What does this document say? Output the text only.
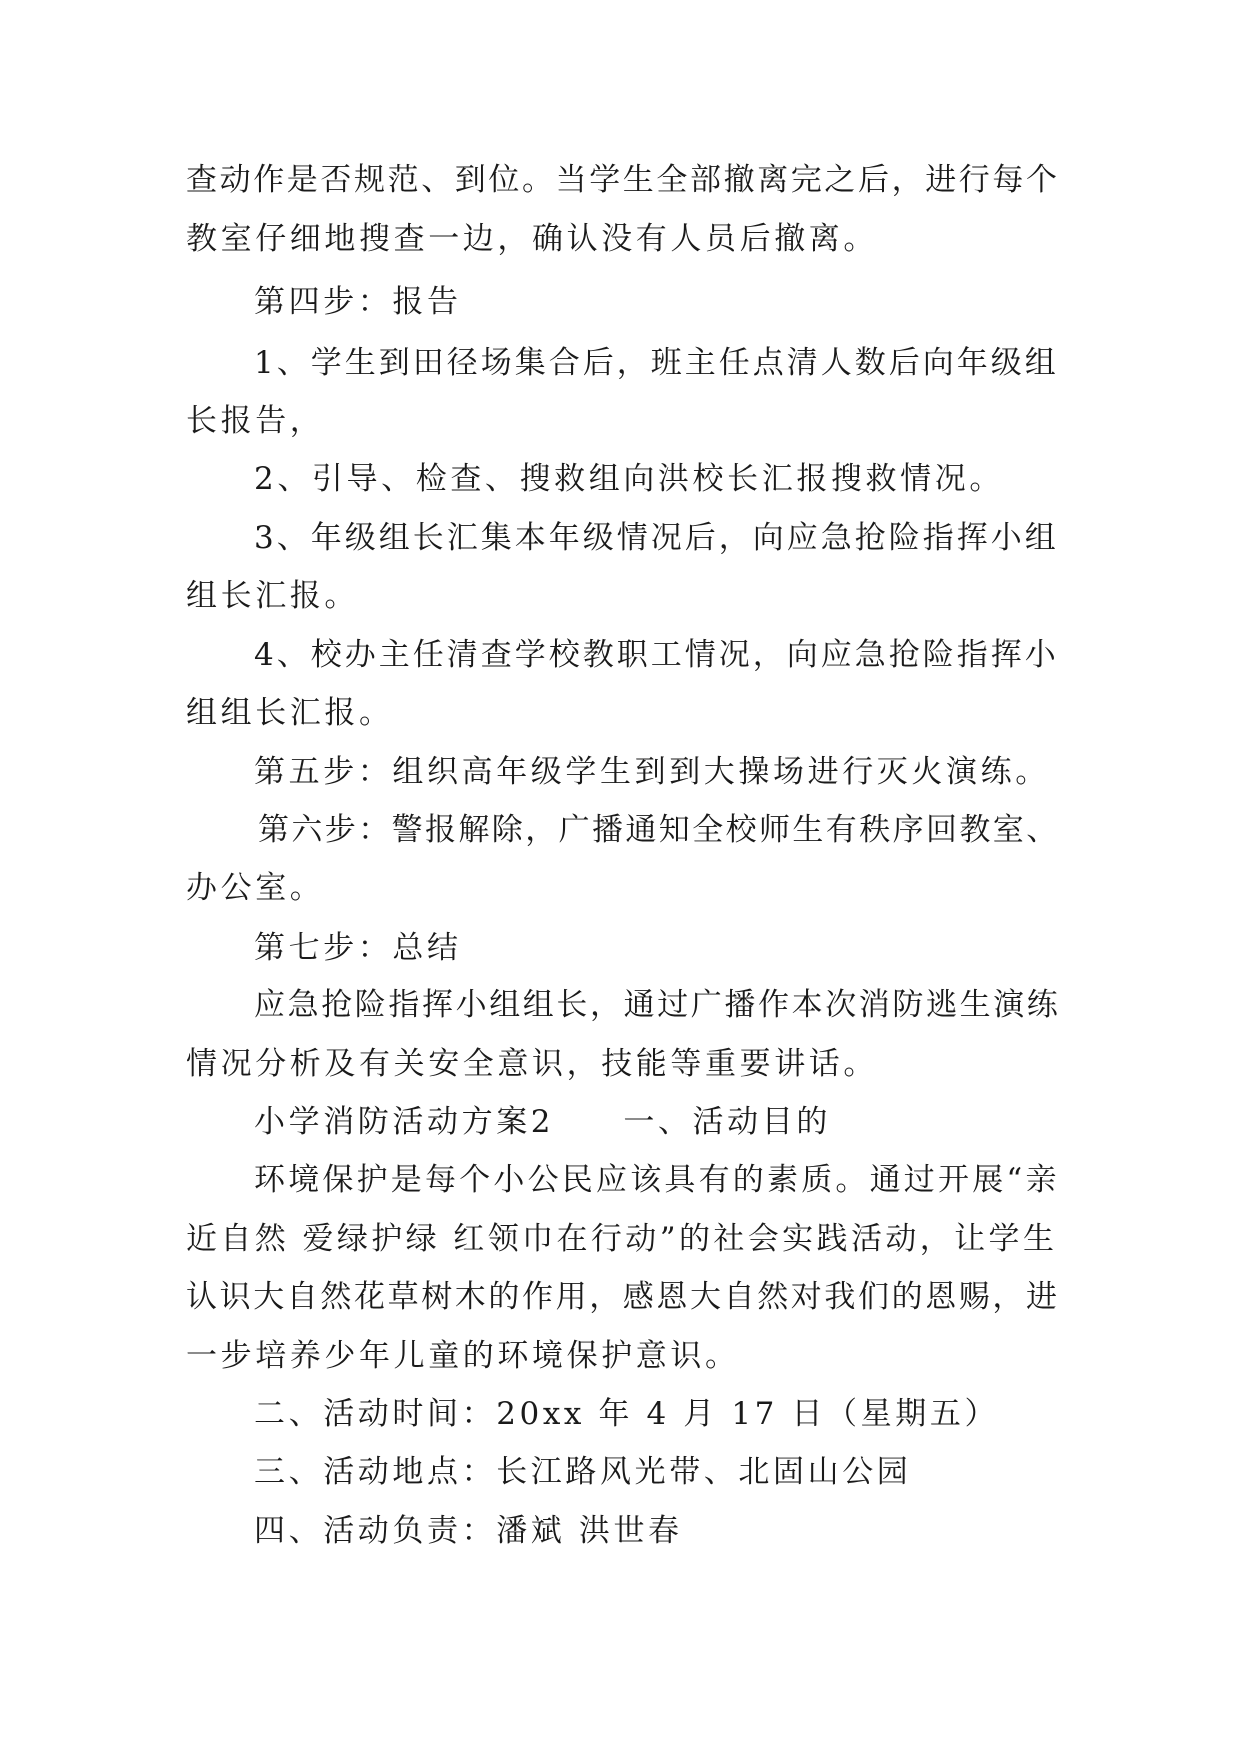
查动作是否规范、到位。当学生全部撤离完之后，进行每个
教室仔细地搜查一边，确认没有人员后撤离。
第四步：报告
1、学生到田径场集合后，班主任点清人数后向年级组
长报告，
2、引导、检查、搜救组向洪校长汇报搜救情况。
3、年级组长汇集本年级情况后，向应急抢险指挥小组
组长汇报。
4、校办主任清查学校教职工情况，向应急抢险指挥小
组组长汇报。
第五步：组织高年级学生到到大操场进行灭火演练。
第六步：警报解除，广播通知全校师生有秩序回教室、
办公室。
第七步：总结
应急抢险指挥小组组长，通过广播作本次消防逃生演练
情况分析及有关安全意识，技能等重要讲话。
小学消防活动方案2　　一、活动目的
环境保护是每个小公民应该具有的素质。通过开展“亲
近自然 爱绿护绿 红领巾在行动”的社会实践活动，让学生
认识大自然花草树木的作用，感恩大自然对我们的恩赐，进
一步培养少年儿童的环境保护意识。
二、活动时间：20xx 年 4 月 17 日（星期五）
三、活动地点：长江路风光带、北固山公园
四、活动负责：潘斌 洪世春
